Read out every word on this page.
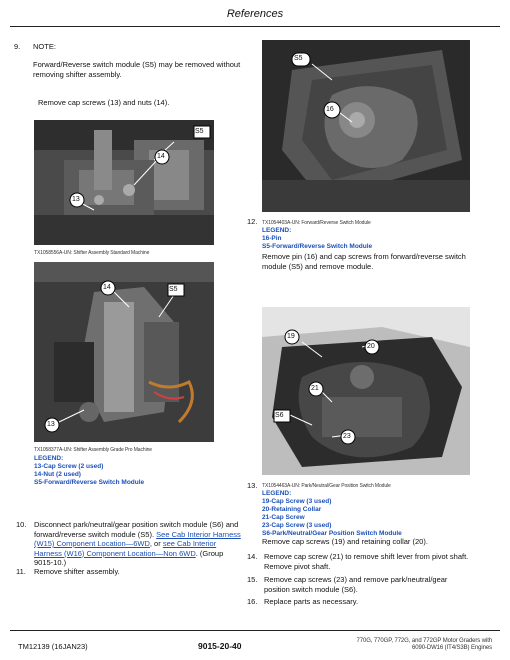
References
9. NOTE:
Forward/Reverse switch module (S5) may be removed without removing shifter assembly.
Remove cap screws (13) and nuts (14).
S5
14
13
TX1058556A-UN: Shifter Assembly Standard Machine
14	S5
13
TX1058377A-UN: Shifter Assembly Grade Pro Machine
LEGEND:
13-Cap Screw (2 used)
14-Nut (2 used)
S5-Forward/Reverse Switch Module
10. Disconnect park/neutral/gear position switch module (S6) and forward/reverse switch module (S5). See Cab Interior Harness (W15) Component Location—6WD, or see Cab Interior Harness (W16) Component Location—Non 6WD. (Group 9015-10.)
11. Remove shifter assembly.
S5
16
12. TX1054403A-UN: Forward/Reverse Switch Module
LEGEND:
16-Pin
S5-Forward/Reverse Switch Module
Remove pin (16) and cap screws from forward/reverse switch module (S5) and remove module.
19
20
21
S6
23
13. TX1054463A-UN: Park/Neutral/Gear Position Switch Module
LEGEND:
19-Cap Screw (3 used)
20-Retaining Collar
21-Cap Screw
23-Cap Screw (3 used)
S6-Park/Neutral/Gear Position Switch Module
Remove cap screws (19) and retaining collar (20).
14. Remove cap screw (21) to remove shift lever from pivot shaft. Remove pivot shaft.
15. Remove cap screws (23) and remove park/neutral/gear position switch module (S6).
16. Replace parts as necessary.
TM12139 (16JAN23)	9015-20-40	770G, 770GP, 772G, and 772GP Motor Graders with
6090-DW16 (IT4/S3B) Engines
